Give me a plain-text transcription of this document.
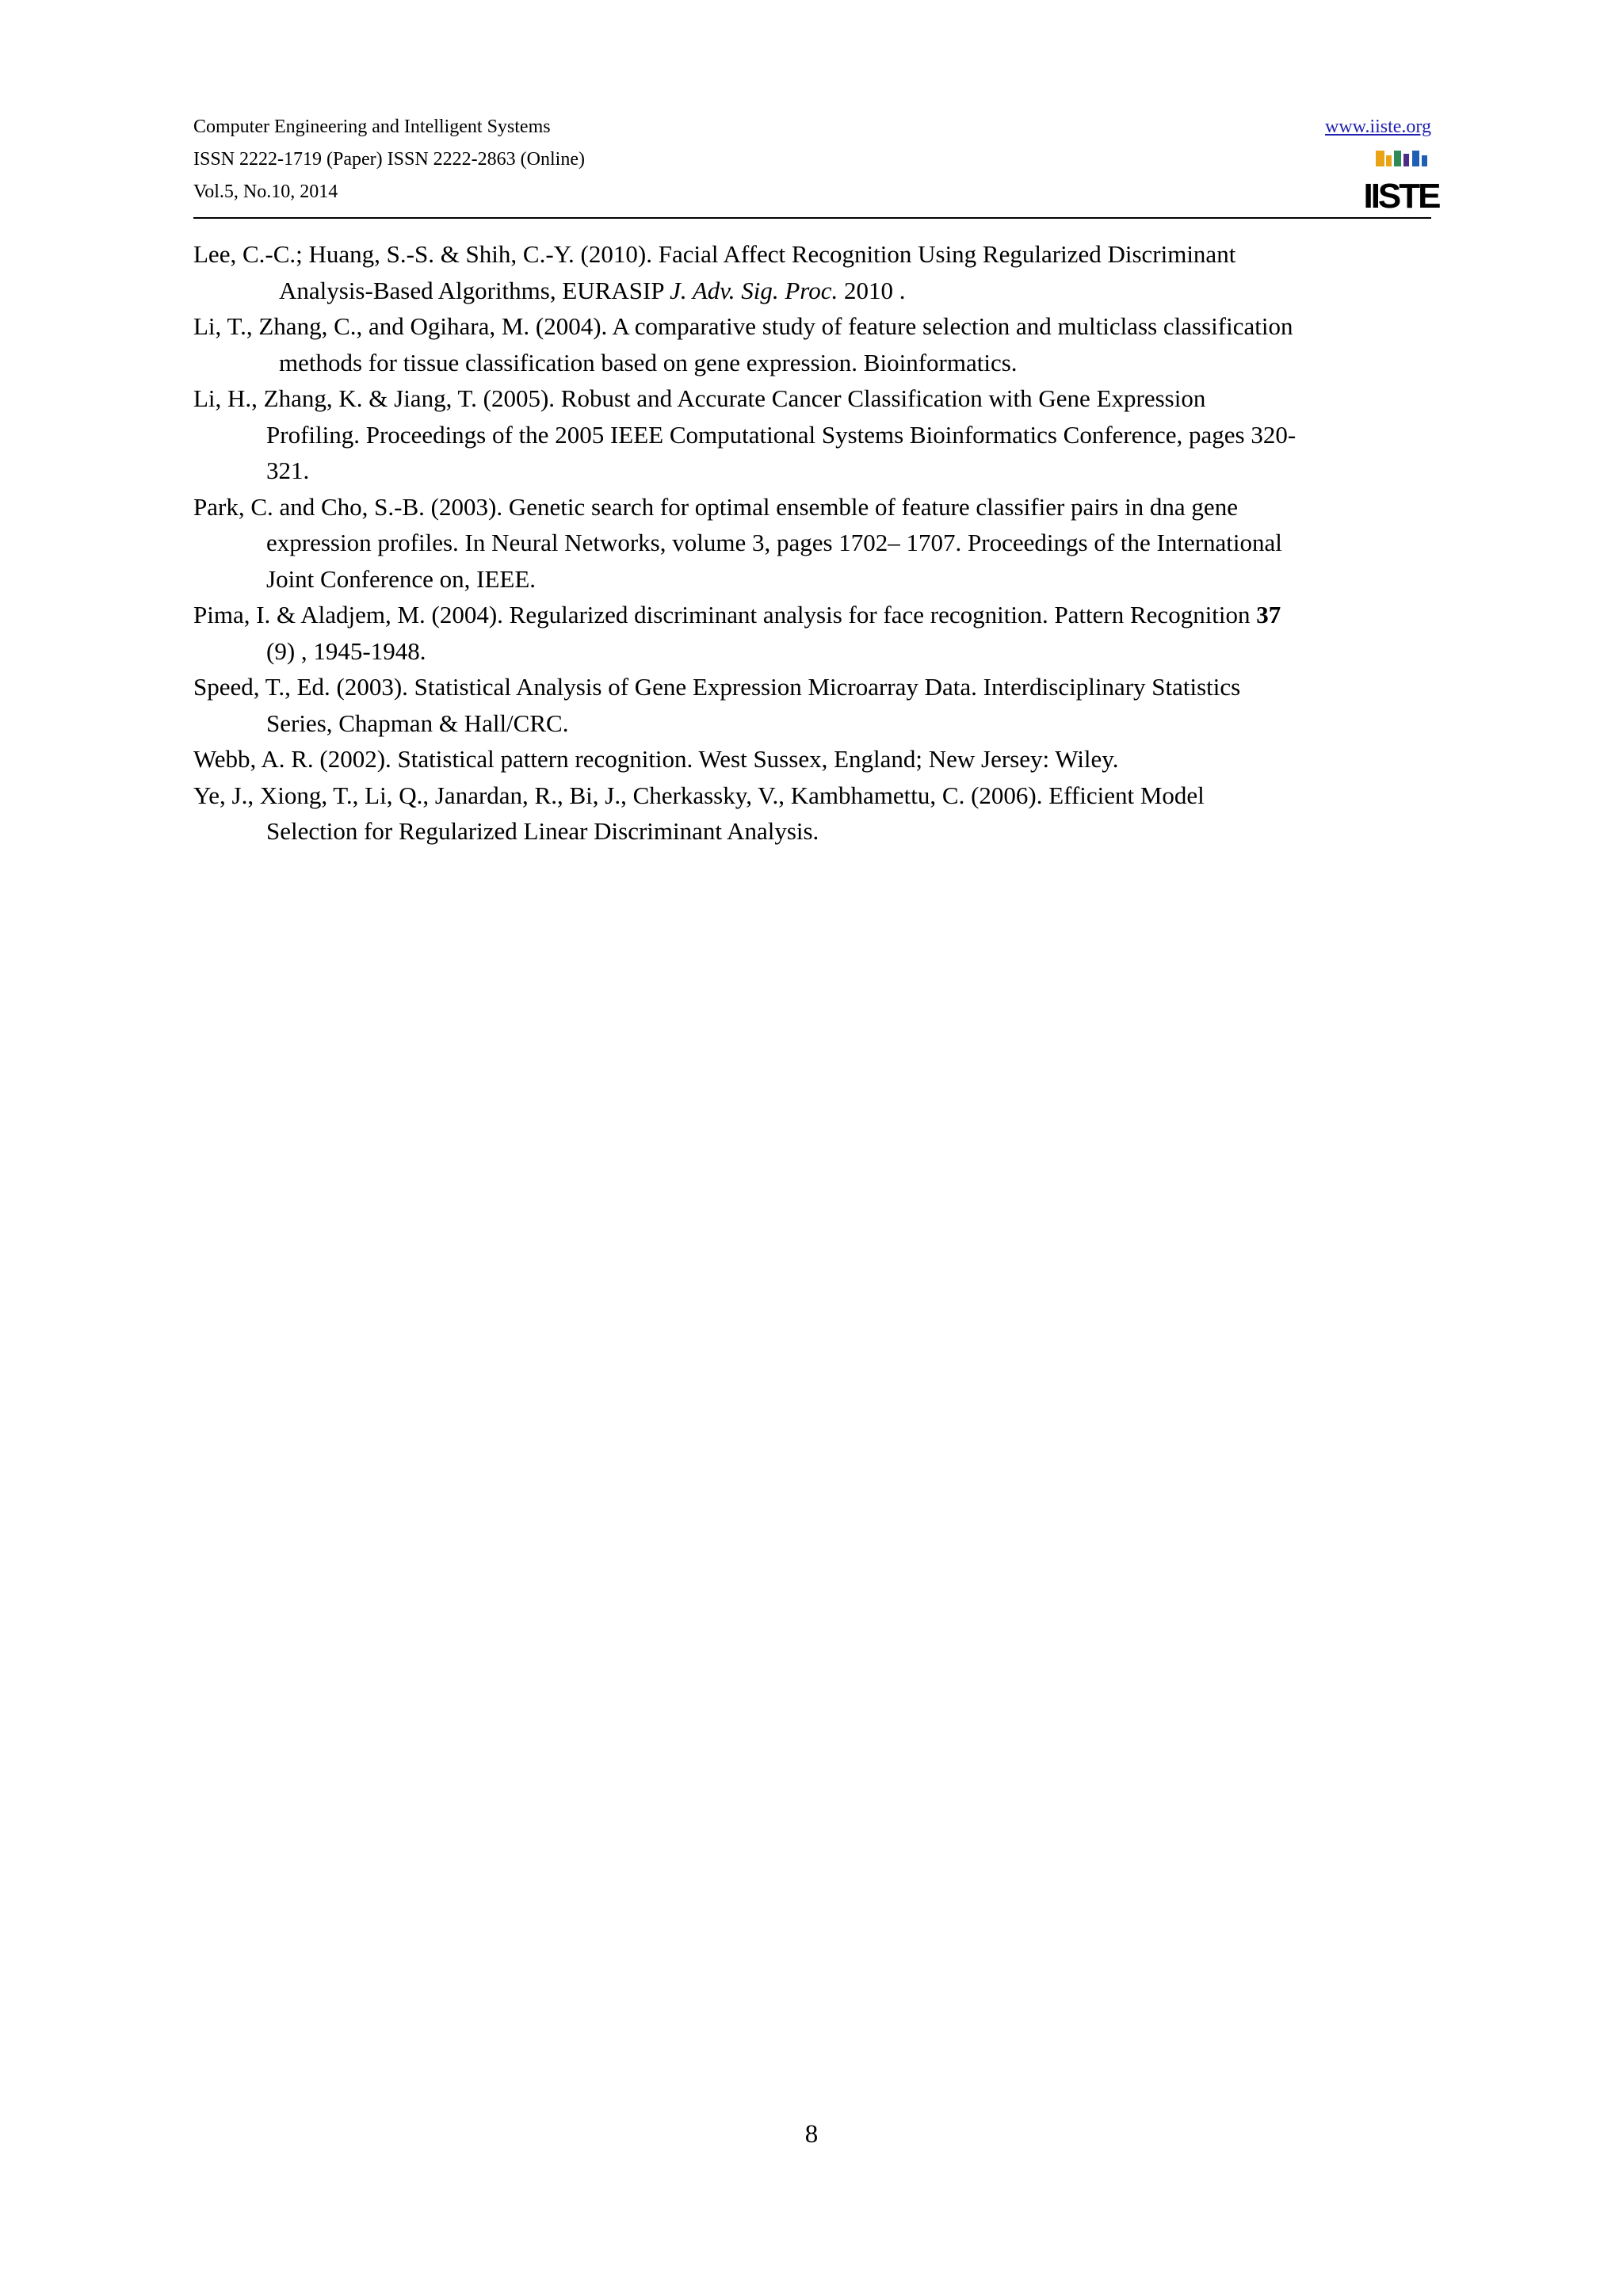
Computer Engineering and Intelligent Systems
ISSN 2222-1719 (Paper) ISSN 2222-2863 (Online)
Vol.5, No.10, 2014
www.iiste.org
IISTE
Lee, C.-C.; Huang, S.-S. & Shih, C.-Y. (2010). Facial Affect Recognition Using Regularized Discriminant
Analysis-Based Algorithms, EURASIP J. Adv. Sig. Proc. 2010 .
Li, T., Zhang, C., and Ogihara, M. (2004). A comparative study of feature selection and multiclass classification
methods for tissue classification based on gene expression. Bioinformatics.
Li, H., Zhang, K. & Jiang, T. (2005). Robust and Accurate Cancer Classification with Gene Expression
Profiling. Proceedings of the 2005 IEEE Computational Systems Bioinformatics Conference, pages 320-
321.
Park, C. and Cho, S.-B. (2003). Genetic search for optimal ensemble of feature classifier pairs in dna gene
expression profiles. In Neural Networks, volume 3, pages 1702– 1707. Proceedings of the International
Joint Conference on, IEEE.
Pima, I. & Aladjem, M. (2004). Regularized discriminant analysis for face recognition. Pattern Recognition 37
(9) , 1945-1948.
Speed, T., Ed. (2003). Statistical Analysis of Gene Expression Microarray Data. Interdisciplinary Statistics
Series, Chapman & Hall/CRC.
Webb, A. R. (2002). Statistical pattern recognition. West Sussex, England; New Jersey: Wiley.
Ye, J., Xiong, T., Li, Q., Janardan, R., Bi, J., Cherkassky, V., Kambhamettu, C. (2006). Efficient Model
Selection for Regularized Linear Discriminant Analysis.
8
